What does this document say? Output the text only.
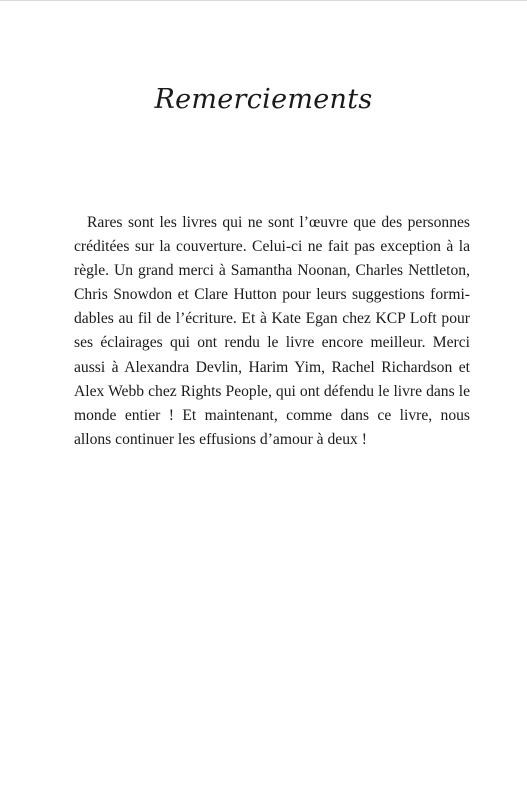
Remerciements

Rares sont les livres qui ne sont l’œuvre que des personnes créditées sur la couverture. Celui-ci ne fait pas exception à la règle. Un grand merci à Samantha Noonan, Charles Nettleton, Chris Snowdon et Clare Hutton pour leurs suggestions formidables au fil de l’écriture. Et à Kate Egan chez KCP Loft pour ses éclairages qui ont rendu le livre encore meilleur. Merci aussi à Alexandra Devlin, Harim Yim, Rachel Richardson et Alex Webb chez Rights People, qui ont défendu le livre dans le monde entier ! Et maintenant, comme dans ce livre, nous allons continuer les effusions d’amour à deux !
